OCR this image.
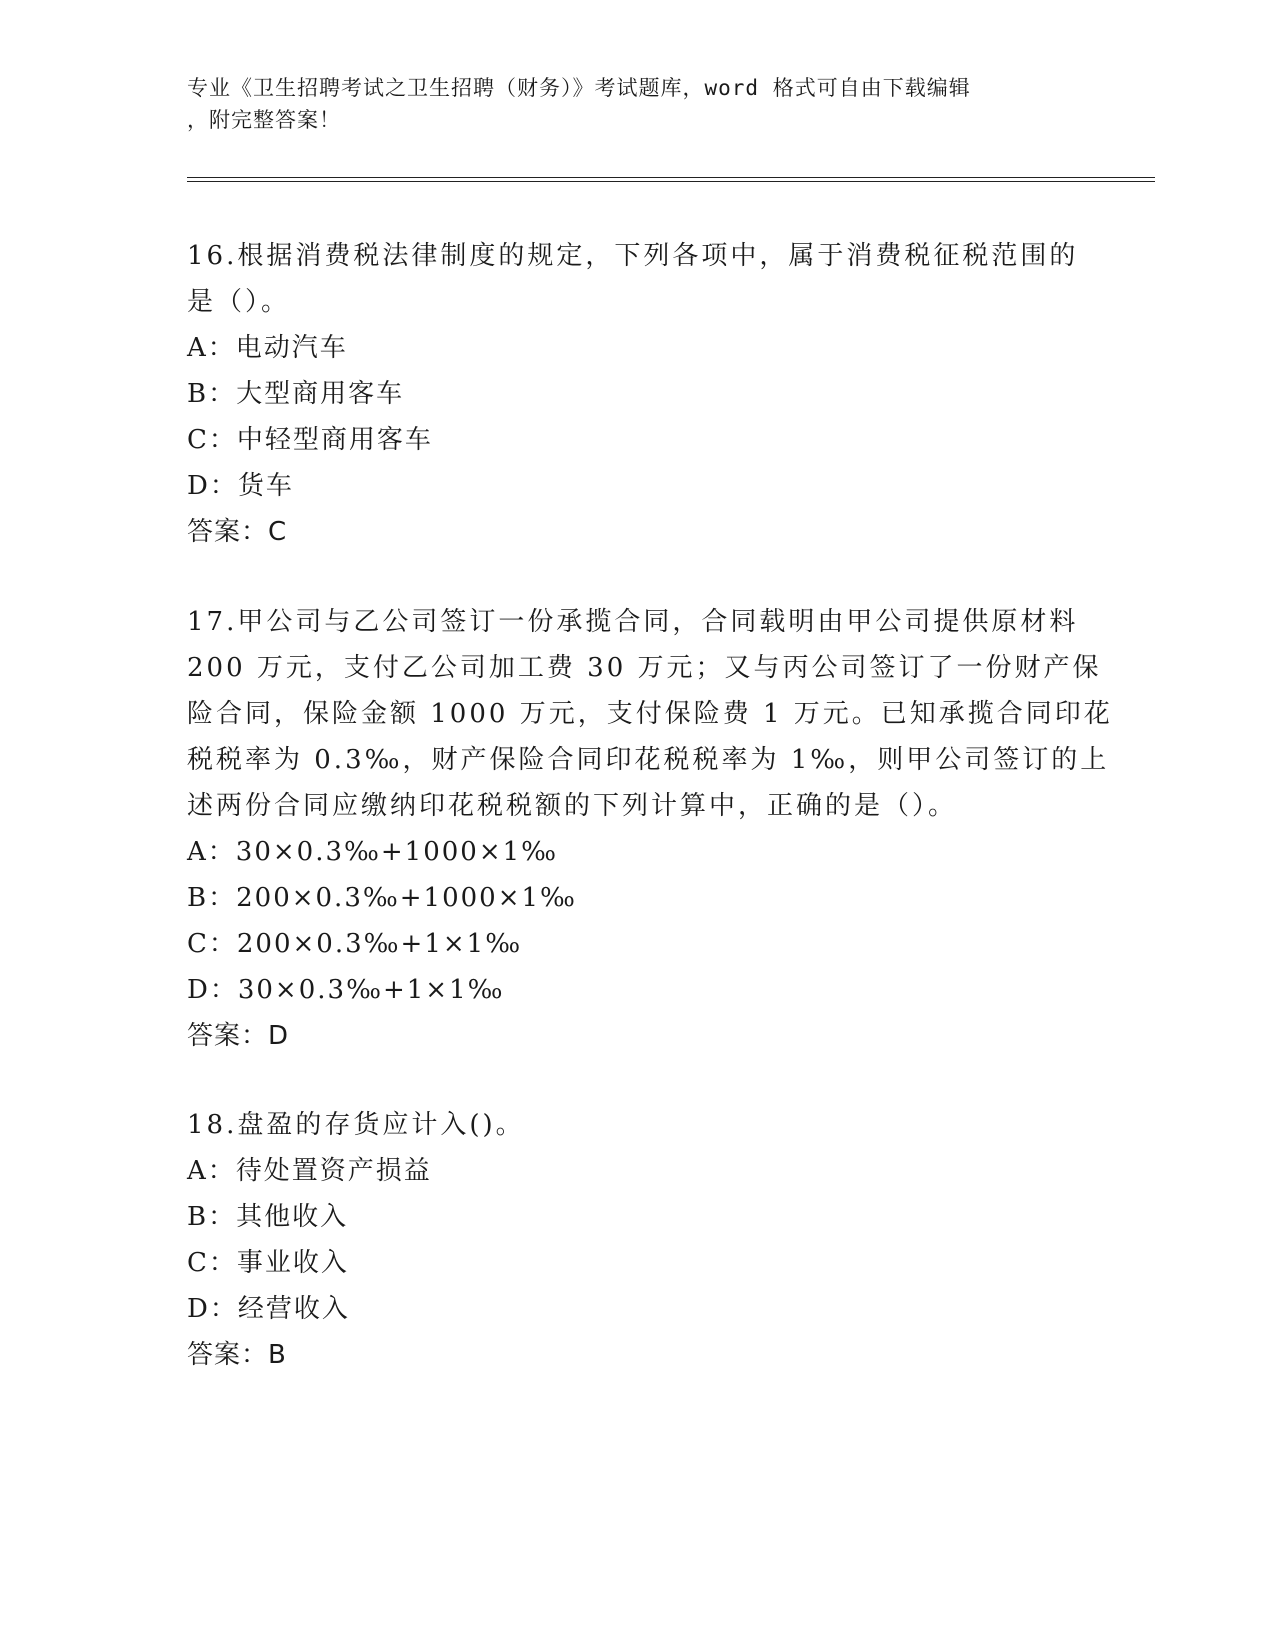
专业《卫生招聘考试之卫生招聘（财务）》考试题库，word 格式可自由下载编辑
，附完整答案！
16.根据消费税法律制度的规定，下列各项中，属于消费税征税范围的
是（）。
A：电动汽车
B：大型商用客车
C：中轻型商用客车
D：货车
答案：C
17.甲公司与乙公司签订一份承揽合同，合同载明由甲公司提供原材料
200 万元，支付乙公司加工费 30 万元；又与丙公司签订了一份财产保
险合同，保险金额 1000 万元，支付保险费 1 万元。已知承揽合同印花
税税率为 0.3‰，财产保险合同印花税税率为 1‰，则甲公司签订的上
述两份合同应缴纳印花税税额的下列计算中，正确的是（）。
A：30×0.3‰+1000×1‰
B：200×0.3‰+1000×1‰
C：200×0.3‰+1×1‰
D：30×0.3‰+1×1‰
答案：D
18.盘盈的存货应计入()。
A：待处置资产损益
B：其他收入
C：事业收入
D：经营收入
答案：B
